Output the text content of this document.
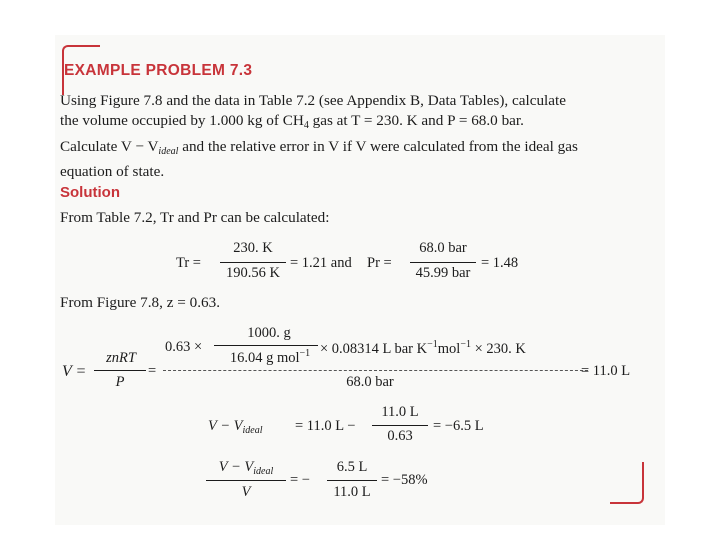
EXAMPLE PROBLEM 7.3

Using Figure 7.8 and the data in Table 7.2 (see Appendix B, Data Tables), calculate
the volume occupied by 1.000 kg of $CH_4$ gas at T = 230. K and P = 68.0 bar.
Calculate $V - V_{ideal}$ and the relative error in V if V were calculated from the ideal gas
equation of state.

Solution
From Table 7.2, Tr and Pr can be calculated:
Tr =
230. K
190.56 K
= 1.21 and Pr =
68.0 bar
45.99 bar
= 1.48
From Figure 7.8, z = 0.63.
V =
znRT
P
=
0.63 ×
1000. g
16.04 g mol$^{-1}$ × 0.08314 L bar $K^{-1}mol^{-1} \times 230$. K
68.0 bar
= 11.0 L
$V - V_{ideal} = 11.0$ L −
11.0 L
0.63
= −6.5 L
$V - V_{ideal}$
V
= −
6.5 L
11.0 L
= −58%
